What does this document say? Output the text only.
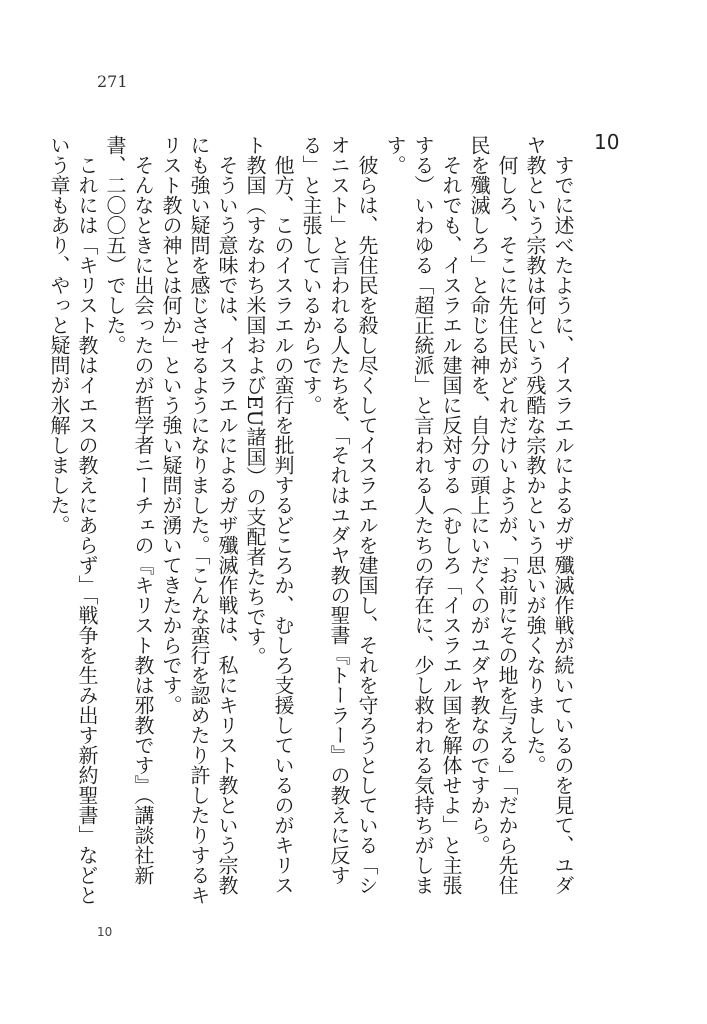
271
10

すでに述べたように、イスラエルによるガザ殲滅作戦が続いているのを見て、ユダヤ教という宗教は何という残酷な宗教かという思いが強くなりました。

何しろ、そこに先住民がどれだけいようが、「お前にその地を与える」「だから先住民を殲滅しろ」と命じる神を、自分の頭上にいだくのがユダヤ教なのですから。

それでも、イスラエル建国に反対する（むしろ「イスラエル国を解体せよ」と主張する）いわゆる「超正統派」と言われる人たちの存在に、少し救われる気持ちがします。

彼らは、先住民を殺し尽くしてイスラエルを建国し、それを守ろうとしている「シオニスト」と言われる人たちを、「それはユダヤ教の聖書『トーラー』の教えに反する」と主張しているからです。

他方、このイスラエルの蛮行を批判するどころか、むしろ支援しているのがキリスト教国（すなわち米国およびEU諸国）の支配者たちです。

そういう意味では、イスラエルによるガザ殲滅作戦は、私にキリスト教という宗教にも強い疑問を感じさせるようになりました。「こんな蛮行を認めたり許したりするキリスト教の神とは何か」という強い疑問が湧いてきたからです。

そんなときに出会ったのが哲学者ニーチェの『キリスト教は邪教です』（講談社新書、二〇〇五）でした。

これには「キリスト教はイエスの教えにあらず」「戦争を生み出す新約聖書」などという章もあり、やっと疑問が氷解しました。

10
